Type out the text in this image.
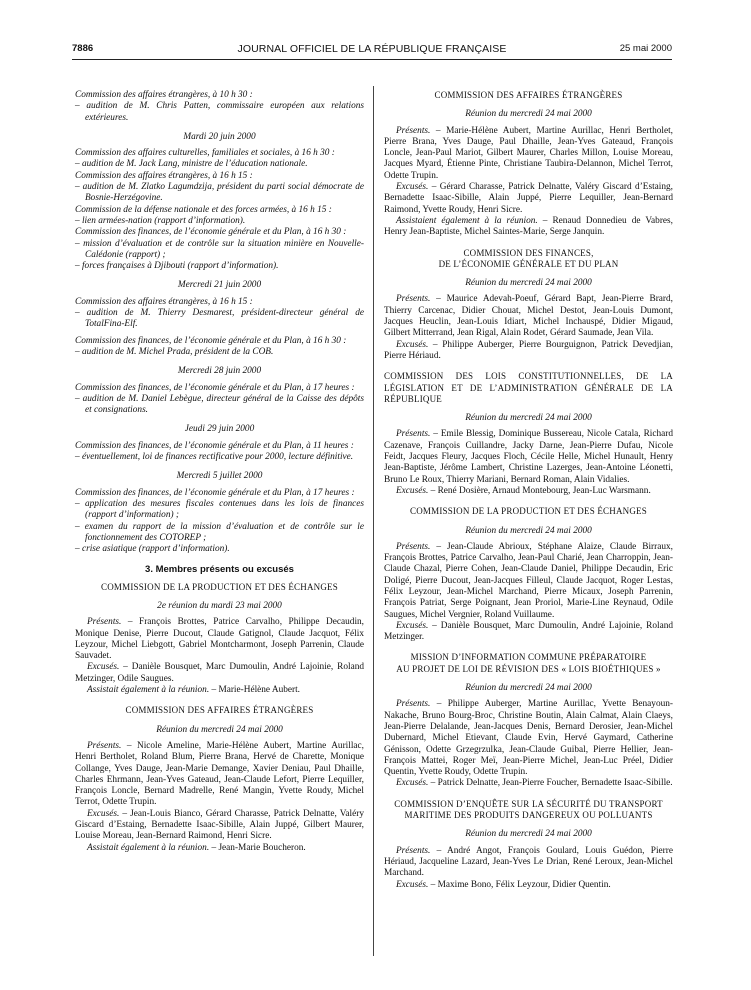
7886	JOURNAL OFFICIEL DE LA RÉPUBLIQUE FRANÇAISE	25 mai 2000

Commission des affaires étrangères, à 10 h 30 :

– audition de M. Chris Patten, commissaire européen aux relations extérieures.

Mardi 20 juin 2000

Commission des affaires culturelles, familiales et sociales, à 16 h 30 :

– audition de M. Jack Lang, ministre de l’éducation nationale.

Commission des affaires étrangères, à 16 h 15 :

– audition de M. Zlatko Lagumdzija, président du parti social démocrate de Bosnie-Herzégovine.

Commission de la défense nationale et des forces armées, à 16 h 15 :

– lien armées-nation (rapport d’information).

Commission des finances, de l’économie générale et du Plan, à 16 h 30 :

– mission d’évaluation et de contrôle sur la situation minière en Nouvelle-Calédonie (rapport) ;

– forces françaises à Djibouti (rapport d’information).

Mercredi 21 juin 2000

Commission des affaires étrangères, à 16 h 15 :

– audition de M. Thierry Desmarest, président-directeur général de TotalFina-Elf.

Commission des finances, de l’économie générale et du Plan, à 16 h 30 :

– audition de M. Michel Prada, président de la COB.

Mercredi 28 juin 2000

Commission des finances, de l’économie générale et du Plan, à 17 heures :

– audition de M. Daniel Lebègue, directeur général de la Caisse des dépôts et consignations.

Jeudi 29 juin 2000

Commission des finances, de l’économie générale et du Plan, à 11 heures :

– éventuellement, loi de finances rectificative pour 2000, lecture définitive.

Mercredi 5 juillet 2000

Commission des finances, de l’économie générale et du Plan, à 17 heures :

– application des mesures fiscales contenues dans les lois de finances (rapport d’information) ;

– examen du rapport de la mission d’évaluation et de contrôle sur le fonctionnement des COTOREP ;

– crise asiatique (rapport d’information).

3. Membres présents ou excusés

COMMISSION DE LA PRODUCTION ET DES ÉCHANGES

2e réunion du mardi 23 mai 2000

Présents. – François Brottes, Patrice Carvalho, Philippe Decaudin, Monique Denise, Pierre Ducout, Claude Gatignol, Claude Jacquot, Félix Leyzour, Michel Liebgott, Gabriel Montcharmont, Joseph Parrenin, Claude Sauvadet.

Excusés. – Danièle Bousquet, Marc Dumoulin, André Lajoinie, Roland Metzinger, Odile Saugues.

Assistait également à la réunion. – Marie-Hélène Aubert.

COMMISSION DES AFFAIRES ÉTRANGÈRES

Réunion du mercredi 24 mai 2000

Présents. – Nicole Ameline, Marie-Hélène Aubert, Martine Aurillac, Henri Bertholet, Roland Blum, Pierre Brana, Hervé de Charette, Monique Collange, Yves Dauge, Jean-Marie Demange, Xavier Deniau, Paul Dhaille, Charles Ehrmann, Jean-Yves Gateaud, Jean-Claude Lefort, Pierre Lequiller, François Loncle, Bernard Madrelle, René Mangin, Yvette Roudy, Michel Terrot, Odette Trupin.

Excusés. – Jean-Louis Bianco, Gérard Charasse, Patrick Delnatte, Valéry Giscard d’Estaing, Bernadette Isaac-Sibille, Alain Juppé, Gilbert Maurer, Louise Moreau, Jean-Bernard Raimond, Henri Sicre.

Assistait également à la réunion. – Jean-Marie Boucheron.

COMMISSION DES AFFAIRES ÉTRANGÈRES

Réunion du mercredi 24 mai 2000

Présents. – Marie-Hélène Aubert, Martine Aurillac, Henri Bertholet, Pierre Brana, Yves Dauge, Paul Dhaille, Jean-Yves Gateaud, François Loncle, Jean-Paul Mariot, Gilbert Maurer, Charles Millon, Louise Moreau, Jacques Myard, Étienne Pinte, Christiane Taubira-Delannon, Michel Terrot, Odette Trupin.

Excusés. – Gérard Charasse, Patrick Delnatte, Valéry Giscard d’Estaing, Bernadette Isaac-Sibille, Alain Juppé, Pierre Lequiller, Jean-Bernard Raimond, Yvette Roudy, Henri Sicre.

Assistaient également à la réunion. – Renaud Donnedieu de Vabres, Henry Jean-Baptiste, Michel Saintes-Marie, Serge Janquin.

COMMISSION DES FINANCES,

DE L’ÉCONOMIE GÉNÉRALE ET DU PLAN

Réunion du mercredi 24 mai 2000

Présents. – Maurice Adevah-Poeuf, Gérard Bapt, Jean-Pierre Brard, Thierry Carcenac, Didier Chouat, Michel Destot, Jean-Louis Dumont, Jacques Heuclin, Jean-Louis Idiart, Michel Inchauspé, Didier Migaud, Gilbert Mitterrand, Jean Rigal, Alain Rodet, Gérard Saumade, Jean Vila.

Excusés. – Philippe Auberger, Pierre Bourguignon, Patrick Devedjian, Pierre Hériaud.

COMMISSION DES LOIS CONSTITUTIONNELLES, DE LA LÉGISLATION ET DE L’ADMINISTRATION GÉNÉRALE DE LA RÉPUBLIQUE

Réunion du mercredi 24 mai 2000

Présents. – Emile Blessig, Dominique Bussereau, Nicole Catala, Richard Cazenave, François Cuillandre, Jacky Darne, Jean-Pierre Dufau, Nicole Feidt, Jacques Fleury, Jacques Floch, Cécile Helle, Michel Hunault, Henry Jean-Baptiste, Jérôme Lambert, Christine Lazerges, Jean-Antoine Léonetti, Bruno Le Roux, Thierry Mariani, Bernard Roman, Alain Vidalies.

Excusés. – René Dosière, Arnaud Montebourg, Jean-Luc Warsmann.

COMMISSION DE LA PRODUCTION ET DES ÉCHANGES

Réunion du mercredi 24 mai 2000

Présents. – Jean-Claude Abrioux, Stéphane Alaize, Claude Birraux, François Brottes, Patrice Carvalho, Jean-Paul Charié, Jean Charroppin, Jean-Claude Chazal, Pierre Cohen, Jean-Claude Daniel, Philippe Decaudin, Eric Doligé, Pierre Ducout, Jean-Jacques Filleul, Claude Jacquot, Roger Lestas, Félix Leyzour, Jean-Michel Marchand, Pierre Micaux, Joseph Parrenin, François Patriat, Serge Poignant, Jean Proriol, Marie-Line Reynaud, Odile Saugues, Michel Vergnier, Roland Vuillaume.

Excusés. – Danièle Bousquet, Marc Dumoulin, André Lajoinie, Roland Metzinger.

MISSION D’INFORMATION COMMUNE PRÉPARATOIRE

AU PROJET DE LOI DE RÉVISION DES « LOIS BIOÉTHIQUES »

Réunion du mercredi 24 mai 2000

Présents. – Philippe Auberger, Martine Aurillac, Yvette Benayoun-Nakache, Bruno Bourg-Broc, Christine Boutin, Alain Calmat, Alain Claeys, Jean-Pierre Delalande, Jean-Jacques Denis, Bernard Derosier, Jean-Michel Dubernard, Michel Etievant, Claude Evin, Hervé Gaymard, Catherine Génisson, Odette Grzegrzulka, Jean-Claude Guibal, Pierre Hellier, Jean-François Mattei, Roger Meï, Jean-Pierre Michel, Jean-Luc Préel, Didier Quentin, Yvette Roudy, Odette Trupin.

Excusés. – Patrick Delnatte, Jean-Pierre Foucher, Bernadette Isaac-Sibille.

COMMISSION D’ENQUÊTE SUR LA SÉCURITÉ DU TRANSPORT

MARITIME DES PRODUITS DANGEREUX OU POLLUANTS

Réunion du mercredi 24 mai 2000

Présents. – André Angot, François Goulard, Louis Guédon, Pierre Hériaud, Jacqueline Lazard, Jean-Yves Le Drian, René Leroux, Jean-Michel Marchand.

Excusés. – Maxime Bono, Félix Leyzour, Didier Quentin.
